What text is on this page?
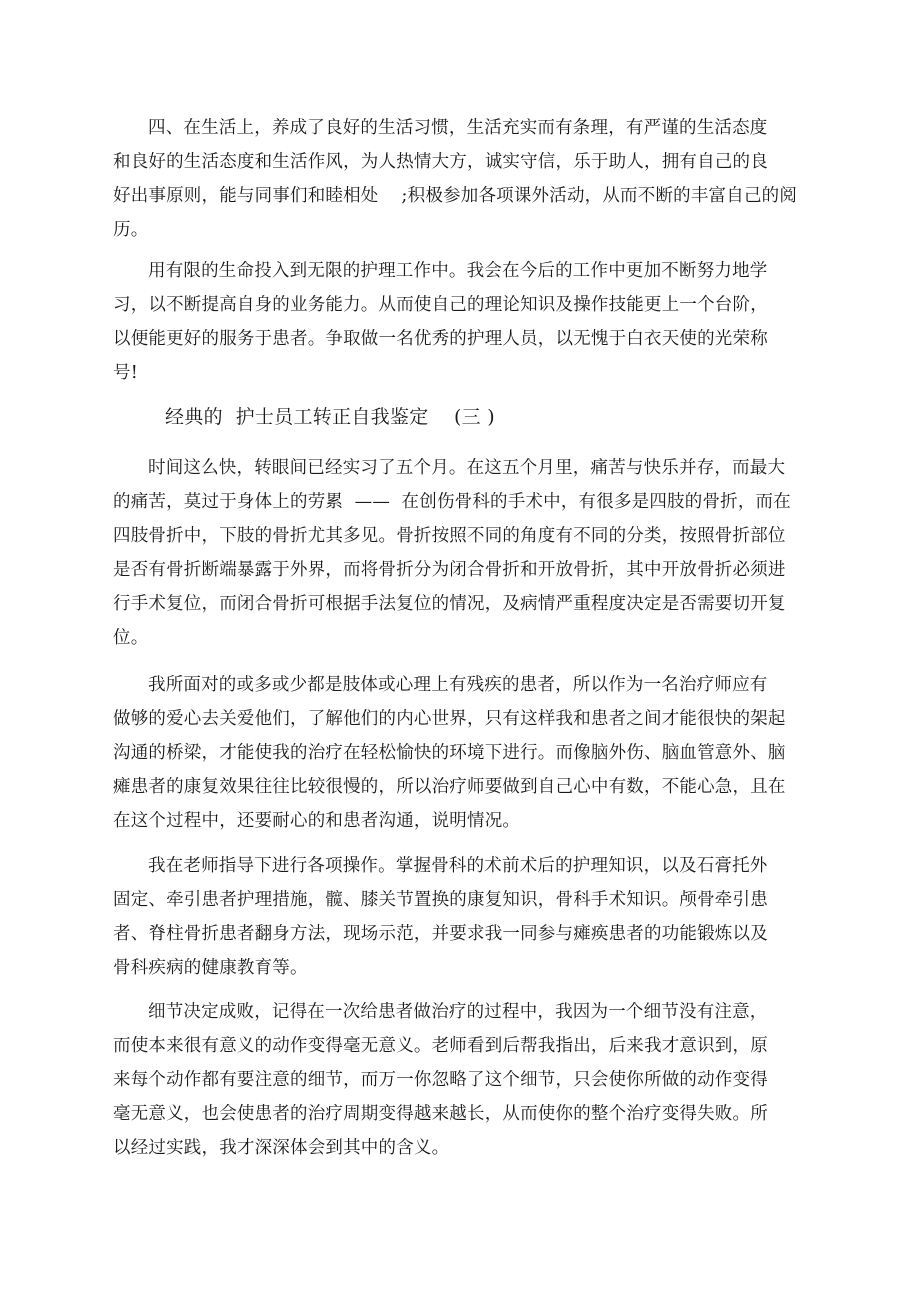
四、在生活上，养成了良好的生活习惯，生活充实而有条理，有严谨的生活态度
和良好的生活态度和生活作风，为人热情大方，诚实守信，乐于助人，拥有自己的良
好出事原则，能与同事们和睦相处    ;积极参加各项课外活动，从而不断的丰富自己的阅
历。
用有限的生命投入到无限的护理工作中。我会在今后的工作中更加不断努力地学
习，以不断提高自身的业务能力。从而使自己的理论知识及操作技能更上一个台阶，
以便能更好的服务于患者。争取做一名优秀的护理人员，以无愧于白衣天使的光荣称
号!
经典的  护士员工转正自我鉴定    (三 )
时间这么快，转眼间已经实习了五个月。在这五个月里，痛苦与快乐并存，而最大
的痛苦，莫过于身体上的劳累  ——  在创伤骨科的手术中，有很多是四肢的骨折，而在
四肢骨折中，下肢的骨折尤其多见。骨折按照不同的角度有不同的分类，按照骨折部位
是否有骨折断端暴露于外界，而将骨折分为闭合骨折和开放骨折，其中开放骨折必须进
行手术复位，而闭合骨折可根据手法复位的情况，及病情严重程度决定是否需要切开复
位。
我所面对的或多或少都是肢体或心理上有残疾的患者，所以作为一名治疗师应有
做够的爱心去关爱他们，了解他们的内心世界，只有这样我和患者之间才能很快的架起
沟通的桥梁，才能使我的治疗在轻松愉快的环境下进行。而像脑外伤、脑血管意外、脑
瘫患者的康复效果往往比较很慢的，所以治疗师要做到自己心中有数，不能心急，且在
在这个过程中，还要耐心的和患者沟通，说明情况。
我在老师指导下进行各项操作。掌握骨科的术前术后的护理知识，以及石膏托外
固定、牵引患者护理措施，髋、膝关节置换的康复知识，骨科手术知识。颅骨牵引患
者、脊柱骨折患者翻身方法，现场示范，并要求我一同参与瘫痪患者的功能锻炼以及
骨科疾病的健康教育等。
细节决定成败，记得在一次给患者做治疗的过程中，我因为一个细节没有注意，
而使本来很有意义的动作变得毫无意义。老师看到后帮我指出，后来我才意识到，原
来每个动作都有要注意的细节，而万一你忽略了这个细节，只会使你所做的动作变得
毫无意义，也会使患者的治疗周期变得越来越长，从而使你的整个治疗变得失败。所
以经过实践，我才深深体会到其中的含义。
